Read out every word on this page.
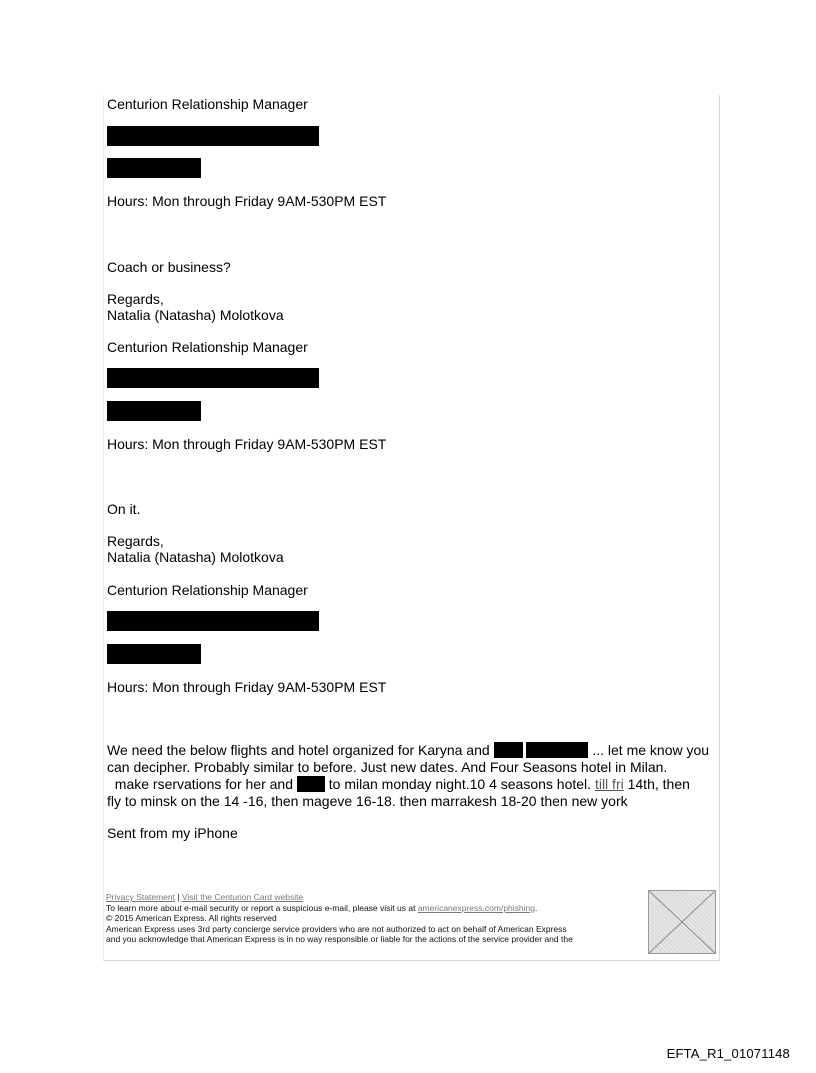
Centurion Relationship Manager
Hours: Mon through Friday 9AM-530PM EST
Coach or business?
Regards,
Natalia (Natasha) Molotkova
Centurion Relationship Manager
Hours: Mon through Friday 9AM-530PM EST
On it.
Regards,
Natalia (Natasha) Molotkova
Centurion Relationship Manager
Hours: Mon through Friday 9AM-530PM EST
We need the below flights and hotel organized for Karyna and	... let me know you
can decipher. Probably similar to before. Just new dates. And Four Seasons hotel in Milan.
make rservations for her and	to milan monday night.10 4 seasons hotel. till fri 14th, then
fly to minsk on the 14 -16, then mageve 16-18. then marrakesh 18-20 then new york
Sent from my iPhone
Privacy Statement | Visit the Centurion Card website
To learn more about e-mail security or report a suspicious e-mail, please visit us at americanexpress.com/phishing.
© 2015 American Express. All rights reserved
American Express uses 3rd party concierge service providers who are not authorized to act on behalf of American Express
and you acknowledge that American Express is in no way responsible or liable for the actions of the service provider and the
EFTA_R1_01071148
